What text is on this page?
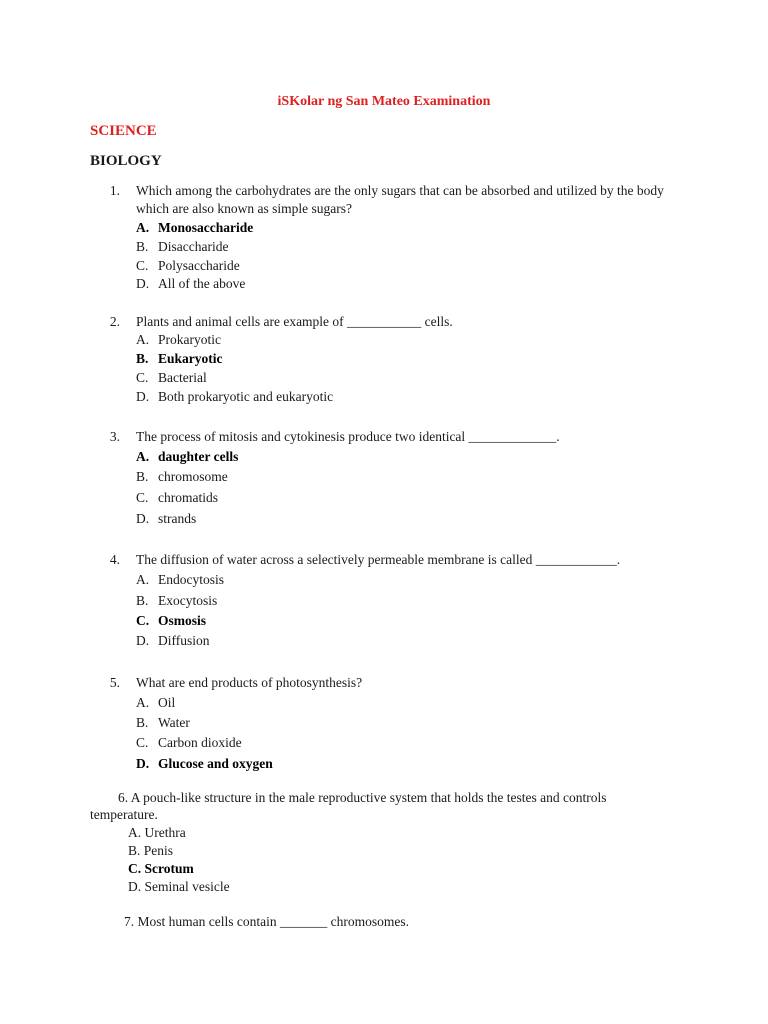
iSKolar ng San Mateo Examination
SCIENCE
BIOLOGY
1. Which among the carbohydrates are the only sugars that can be absorbed and utilized by the body
which are also known as simple sugars?
A. Monosaccharide
B. Disaccharide
C. Polysaccharide
D. All of the above
2. Plants and animal cells are example of ___________ cells.
A. Prokaryotic
B. Eukaryotic
C. Bacterial
D. Both prokaryotic and eukaryotic
3. The process of mitosis and cytokinesis produce two identical _____________.
A. daughter cells
B. chromosome
C. chromatids
D. strands
4. The diffusion of water across a selectively permeable membrane is called ____________.
A. Endocytosis
B. Exocytosis
C. Osmosis
D. Diffusion
5. What are end products of photosynthesis?
A. Oil
B. Water
C. Carbon dioxide
D. Glucose and oxygen
6. A pouch-like structure in the male reproductive system that holds the testes and controls
temperature.
A. Urethra
B. Penis
C. Scrotum
D. Seminal vesicle
7. Most human cells contain _______ chromosomes.
